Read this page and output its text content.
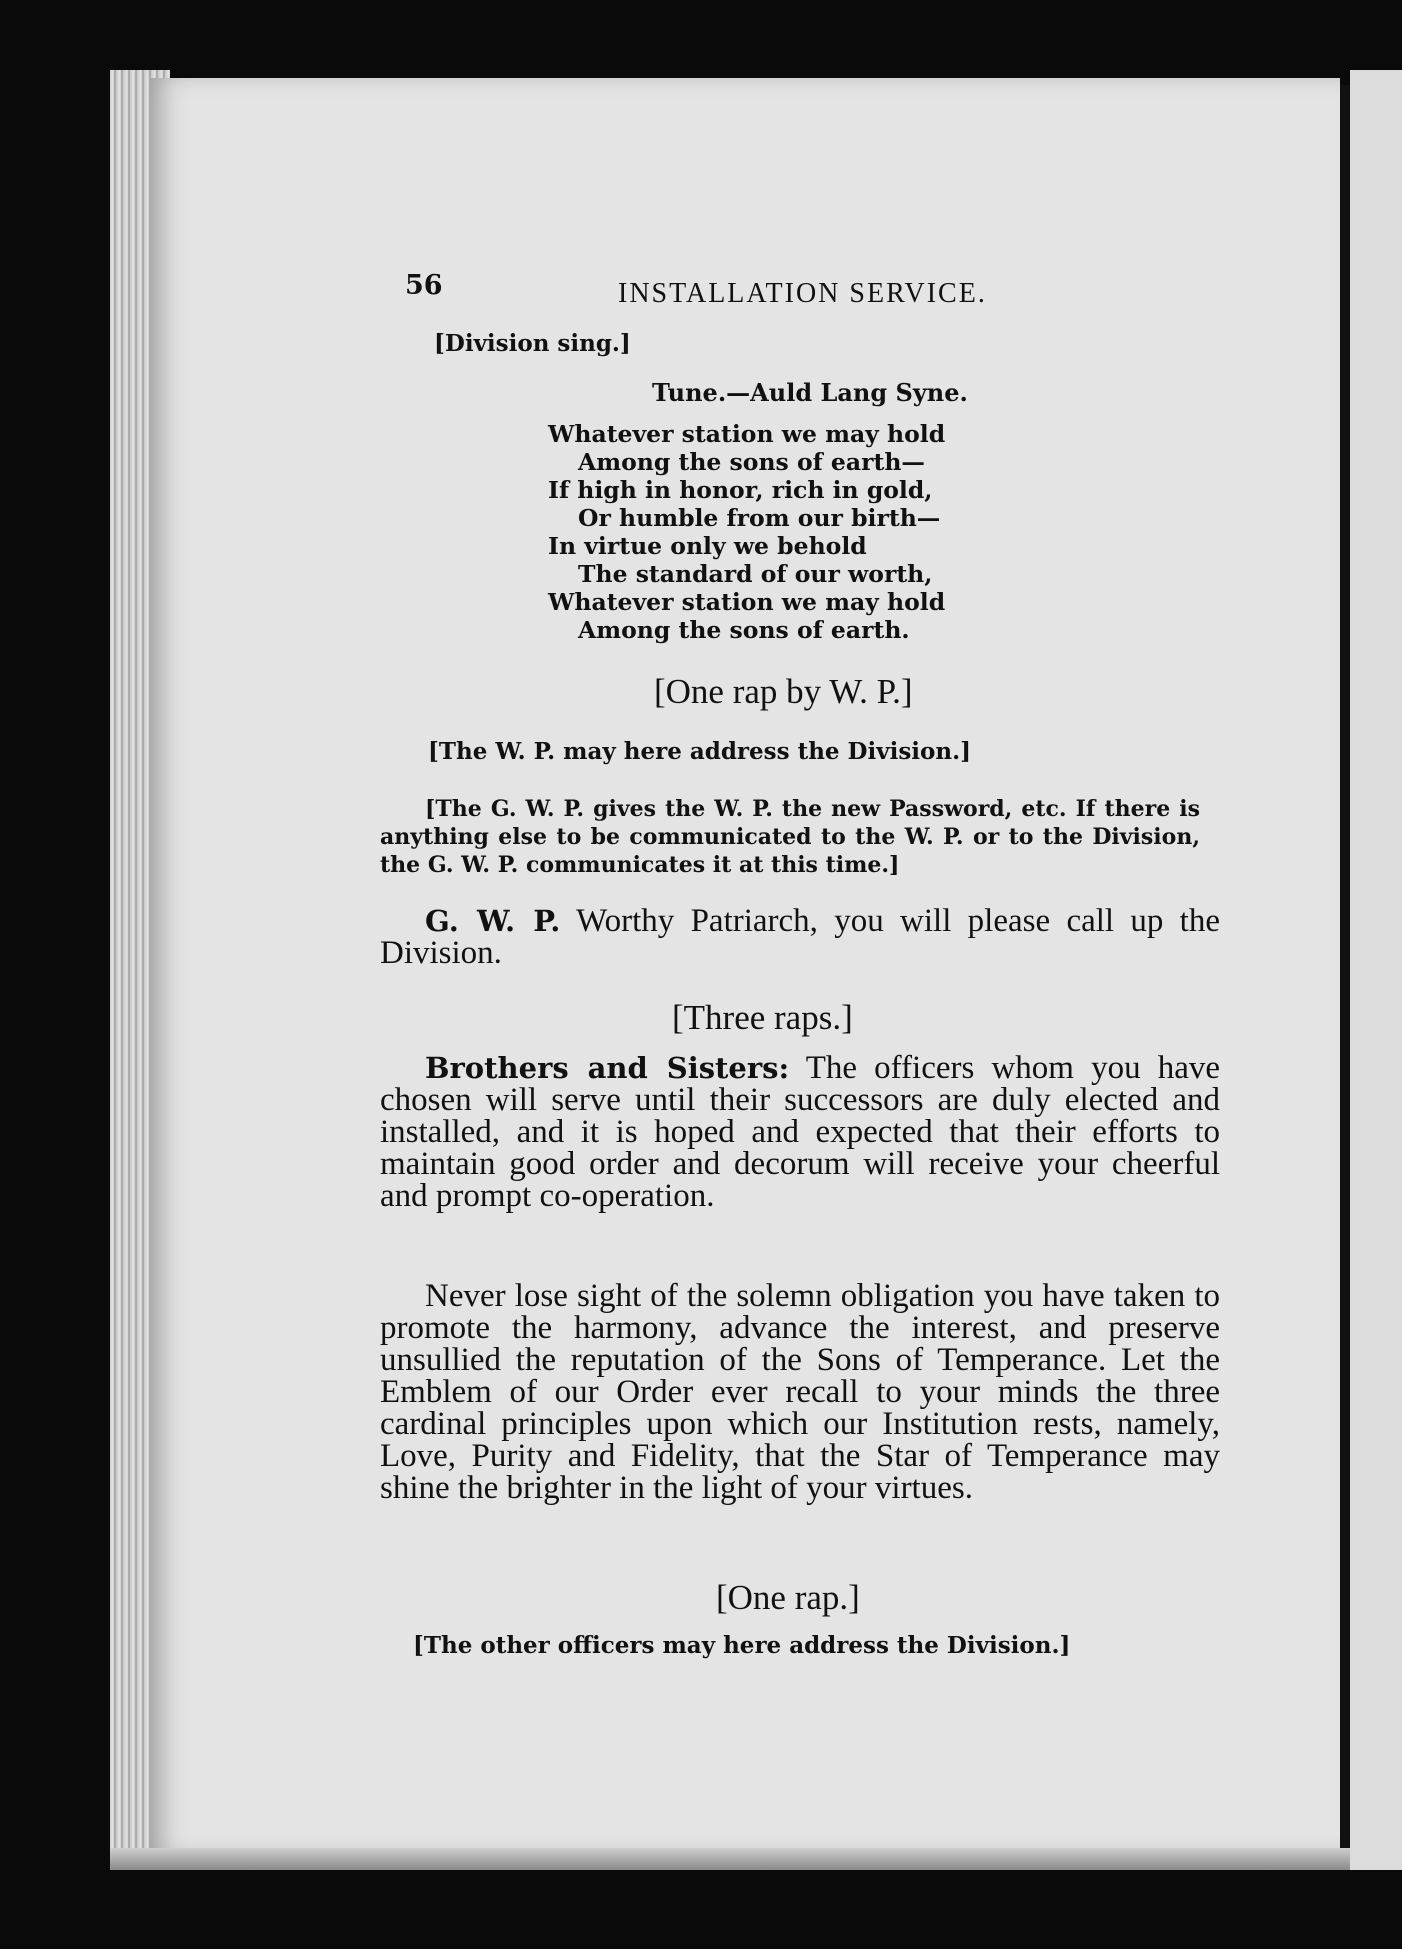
56	INSTALLATION SERVICE.
[Division sing.]
Tune.—Auld Lang Syne.
Whatever station we may hold
Among the sons of earth—
If high in honor, rich in gold,
Or humble from our birth—
In virtue only we behold
The standard of our worth,
Whatever station we may hold
Among the sons of earth.
[One rap by W. P.]
[The W. P. may here address the Division.]
[The G. W. P. gives the W. P. the new Password, etc. If there is anything else to be communicated to the W. P. or to the Division, the G. W. P. communicates it at this time.]
G. W. P. Worthy Patriarch, you will please call up the Division.
[Three raps.]
Brothers and Sisters: The officers whom you have chosen will serve until their successors are duly elected and installed, and it is hoped and expected that their efforts to maintain good order and decorum will receive your cheerful and prompt co-operation.
Never lose sight of the solemn obligation you have taken to promote the harmony, advance the interest, and preserve unsullied the reputation of the Sons of Temperance. Let the Emblem of our Order ever recall to your minds the three cardinal principles upon which our Institution rests, namely, Love, Purity and Fidelity, that the Star of Temperance may shine the brighter in the light of your virtues.
[One rap.]
[The other officers may here address the Division.]
